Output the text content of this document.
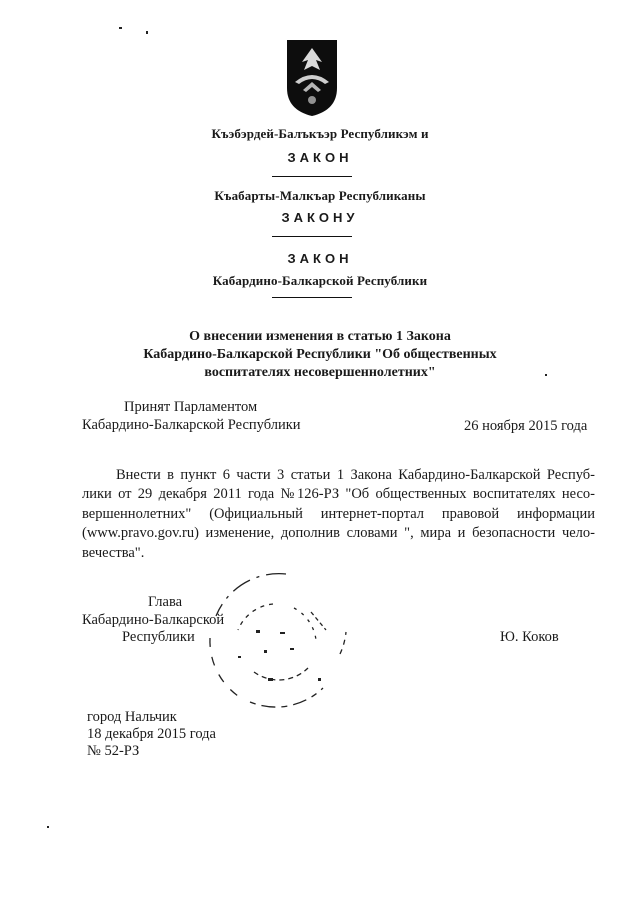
Къэбэрдей-Балъкъэр Республикэм и
ЗАКОН
Къабарты-Малкъар Республиканы
ЗАКОНУ
ЗАКОН
Кабардино-Балкарской Республики
О внесении изменения в статью 1 Закона
Кабардино-Балкарской Республики "Об общественных
воспитателях несовершеннолетних"
Принят Парламентом
Кабардино-Балкарской Республики	26 ноября 2015 года
Внести в пункт 6 части 3 статьи 1 Закона Кабардино-Балкарской Респуб-
лики от 29 декабря 2011 года №126-РЗ "Об общественных воспитателях несо-
вершеннолетних" (Официальный интернет-портал правовой информации
(www.pravo.gov.ru) изменение, дополнив словами ", мира и безопасности чело-
вечества".
Глава
Кабардино-Балкарской
Республики	Ю. Коков
город Нальчик
18 декабря 2015 года
№ 52-РЗ
